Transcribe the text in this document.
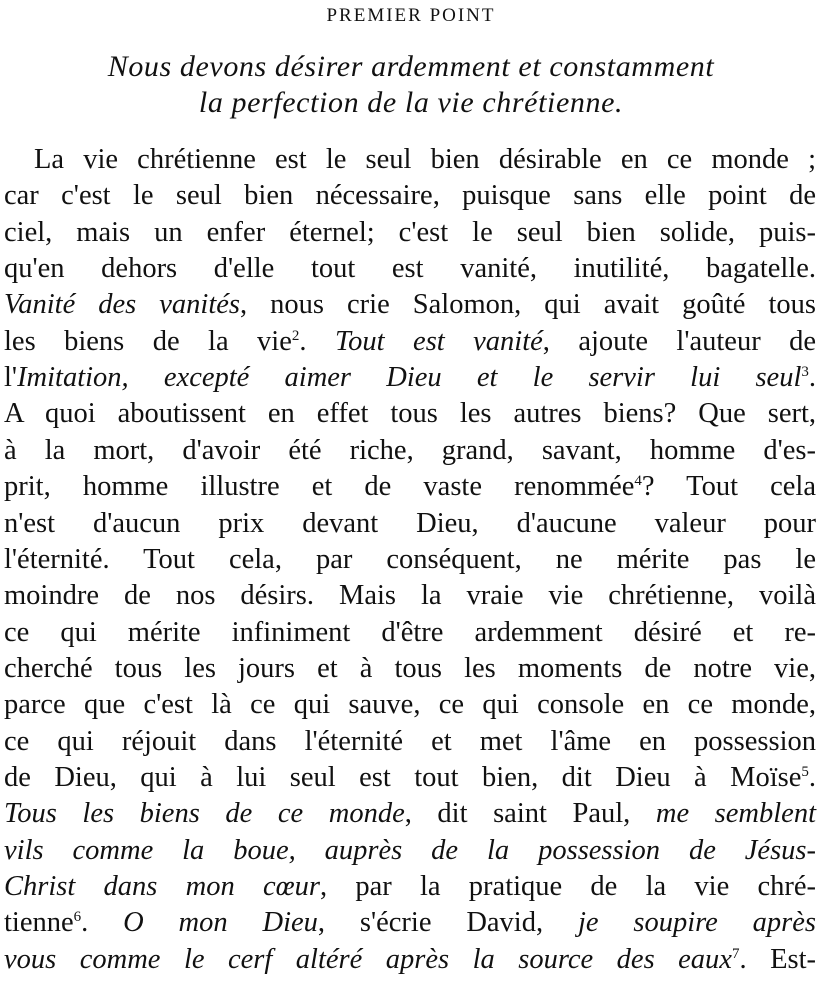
PREMIER POINT
Nous devons désirer ardemment et constamment
la perfection de la vie chrétienne.
La vie chrétienne est le seul bien désirable en ce monde ;
car c'est le seul bien nécessaire, puisque sans elle point de
ciel, mais un enfer éternel; c'est le seul bien solide, puis-
qu'en dehors d'elle tout est vanité, inutilité, bagatelle.
Vanité des vanités, nous crie Salomon, qui avait goûté tous
les biens de la vie$^2$. Tout est vanité, ajoute l'auteur de
l'Imitation, excepté aimer Dieu et le servir lui seul$^3$.
A quoi aboutissent en effet tous les autres biens? Que sert,
à la mort, d'avoir été riche, grand, savant, homme d'es-
prit, homme illustre et de vaste renommée$^4$? Tout cela
n'est d'aucun prix devant Dieu, d'aucune valeur pour
l'éternité. Tout cela, par conséquent, ne mérite pas le
moindre de nos désirs. Mais la vraie vie chrétienne, voilà
ce qui mérite infiniment d'être ardemment désiré et re-
cherché tous les jours et à tous les moments de notre vie,
parce que c'est là ce qui sauve, ce qui console en ce monde,
ce qui réjouit dans l'éternité et met l'âme en possession
de Dieu, qui à lui seul est tout bien, dit Dieu à Moïse$^5$.
Tous les biens de ce monde, dit saint Paul, me semblent
vils comme la boue, auprès de la possession de Jésus-
Christ dans mon cœur, par la pratique de la vie chré-
tienne$^6$. O mon Dieu, s'écrie David, je soupire après
vous comme le cerf altéré après la source des eaux$^7$. Est-
